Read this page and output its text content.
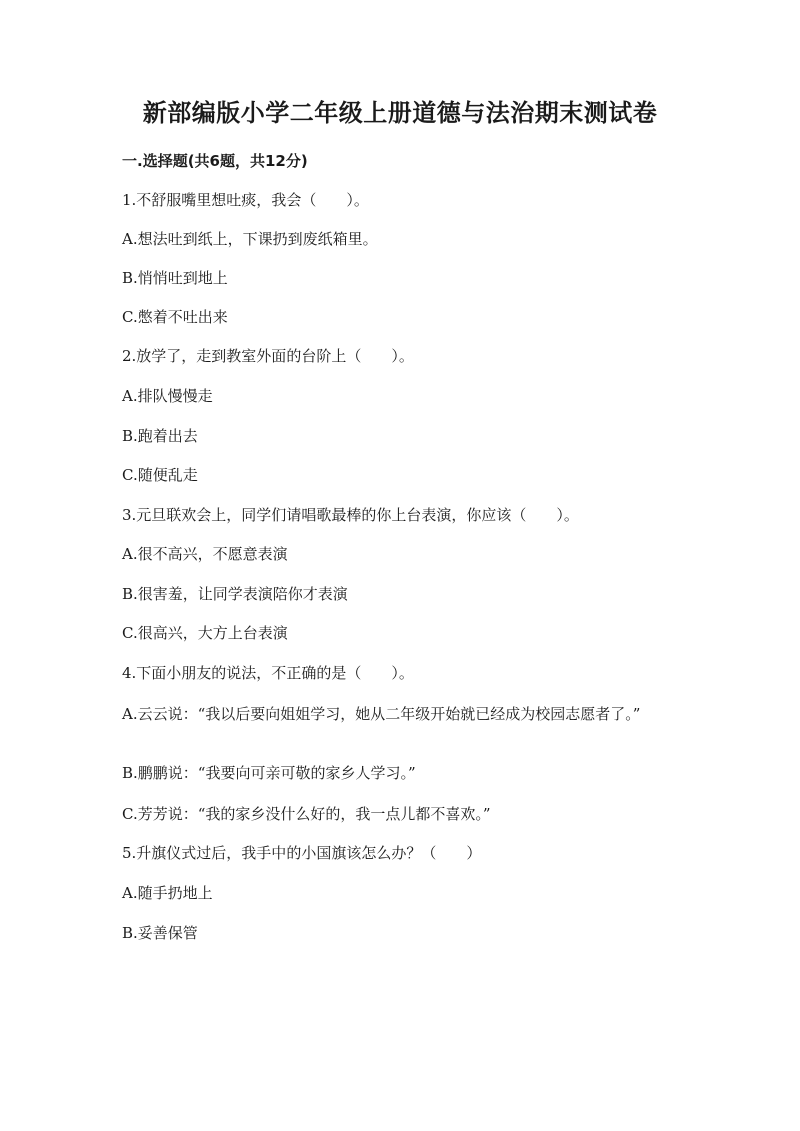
新部编版小学二年级上册道德与法治期末测试卷
一.选择题(共6题，共12分)
1.不舒服嘴里想吐痰，我会（　　）。
A.想法吐到纸上，下课扔到废纸箱里。
B.悄悄吐到地上
C.憋着不吐出来
2.放学了，走到教室外面的台阶上（　　）。
A.排队慢慢走
B.跑着出去
C.随便乱走
3.元旦联欢会上，同学们请唱歌最棒的你上台表演，你应该（　　）。
A.很不高兴，不愿意表演
B.很害羞，让同学表演陪你才表演
C.很高兴，大方上台表演
4.下面小朋友的说法，不正确的是（　　）。
A.云云说：“我以后要向姐姐学习，她从二年级开始就已经成为校园志愿者了。”
B.鹏鹏说：“我要向可亲可敬的家乡人学习。”
C.芳芳说：“我的家乡没什么好的，我一点儿都不喜欢。”
5.升旗仪式过后，我手中的小国旗该怎么办？（　　）
A.随手扔地上
B.妥善保管
